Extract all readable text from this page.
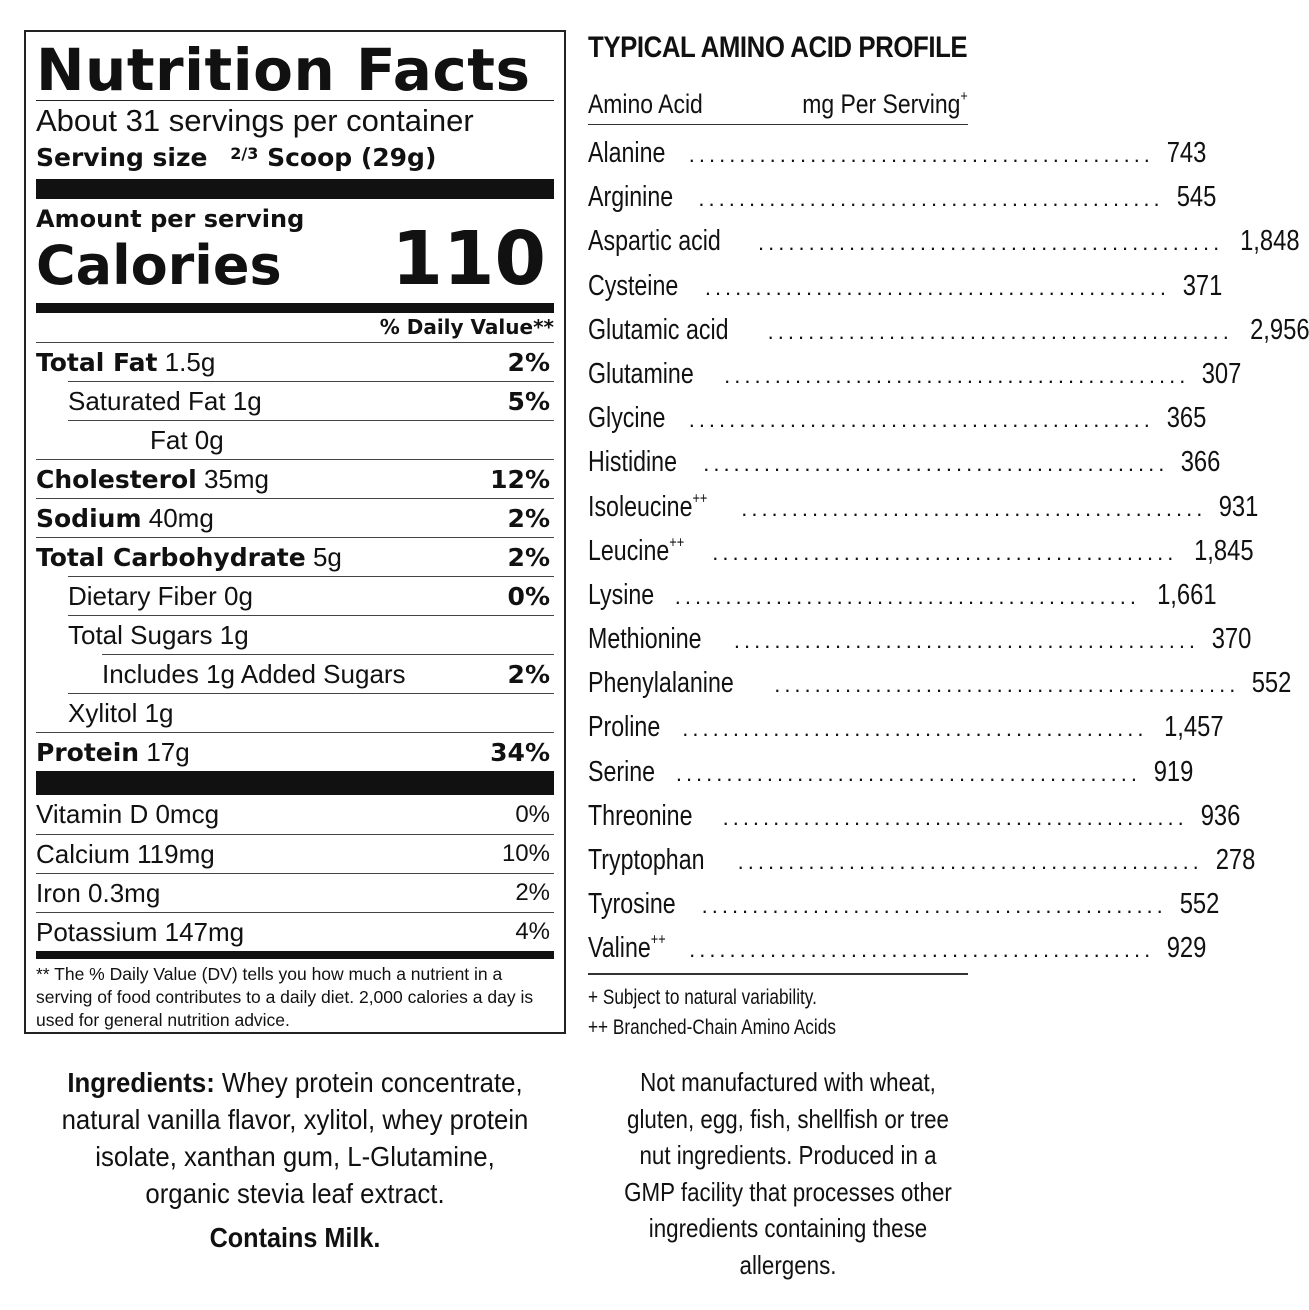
Nutrition Facts
About 31 servings per container
Serving size $^{2/3}$ Scoop (29g)
Amount per serving
Calories 110
% Daily Value**
Total Fat 1.5g	2%
Saturated Fat 1g	5%
Fat 0g
Cholesterol 35mg	12%
Sodium 40mg	2%
Total Carbohydrate 5g	2%
Dietary Fiber 0g	0%
Total Sugars 1g
Includes 1g Added Sugars	2%
Xylitol 1g
Protein 17g	34%
Vitamin D 0mcg	0%
Calcium 119mg	10%
Iron 0.3mg	2%
Potassium 147mg	4%
** The % Daily Value (DV) tells you how much a nutrient in a serving of food contributes to a daily diet. 2,000 calories a day is used for general nutrition advice.
TYPICAL AMINO ACID PROFILE
Amino Acid	mg Per Serving+
Alanine .............................................. 743
Arginine .............................................. 545
Aspartic acid .............................................. 1,848
Cysteine .............................................. 371
Glutamic acid .............................................. 2,956
Glutamine .............................................. 307
Glycine .............................................. 365
Histidine .............................................. 366
Isoleucine++ .............................................. 931
Leucine++ .............................................. 1,845
Lysine .............................................. 1,661
Methionine .............................................. 370
Phenylalanine .............................................. 552
Proline .............................................. 1,457
Serine .............................................. 919
Threonine .............................................. 936
Tryptophan .............................................. 278
Tyrosine .............................................. 552
Valine++ .............................................. 929
+ Subject to natural variability.
++ Branched-Chain Amino Acids

Ingredients: Whey protein concentrate, natural vanilla flavor, xylitol, whey protein isolate, xanthan gum, L-Glutamine, organic stevia leaf extract.

Contains Milk.
Not manufactured with wheat, gluten, egg, fish, shellfish or tree nut ingredients. Produced in a GMP facility that processes other ingredients containing these allergens.
